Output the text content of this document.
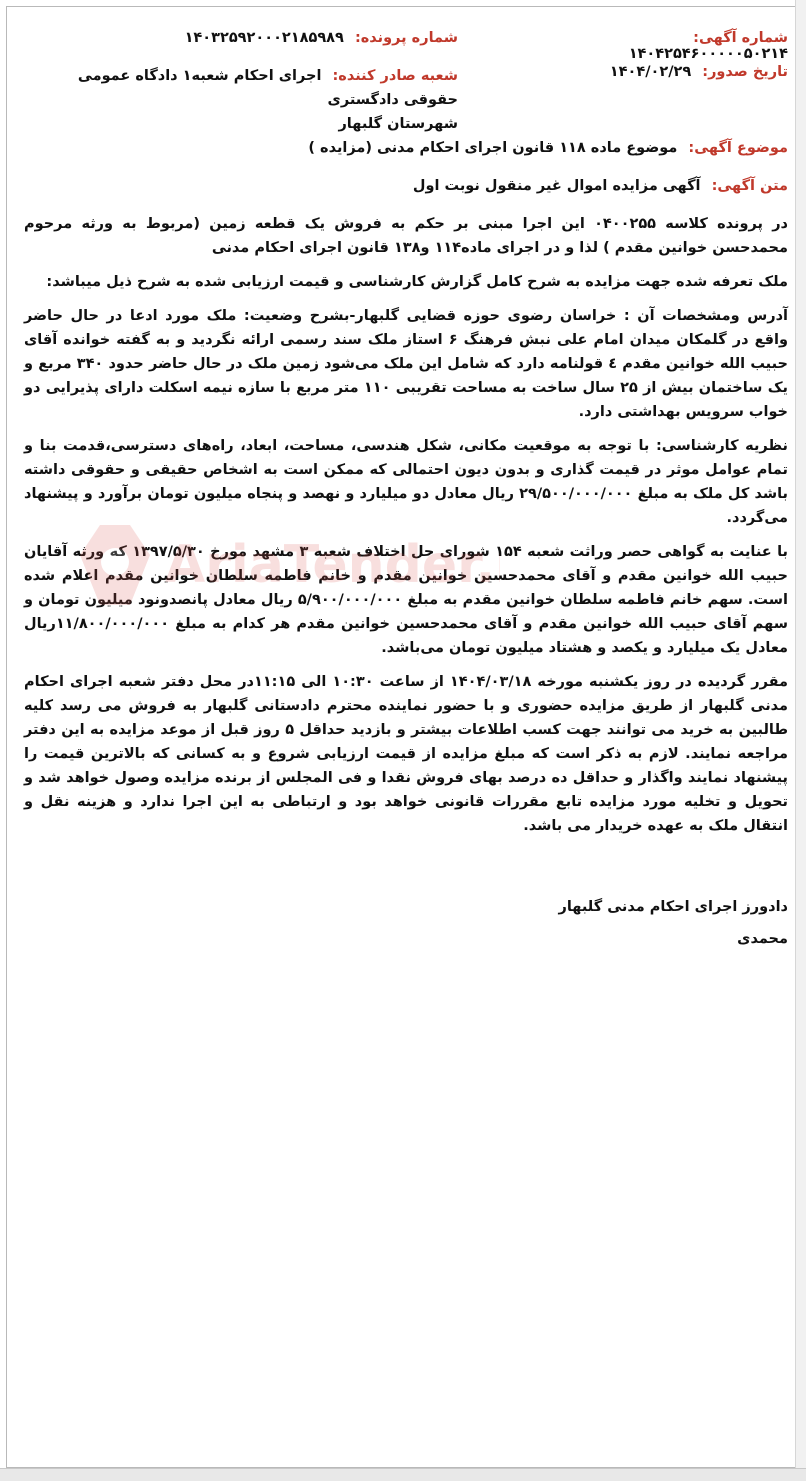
شماره آگهی: ۱۴۰۴۲۵۴۶۰۰۰۰۰۵۰۲۱۴
شماره پرونده: ۱۴۰۳۲۵۹۲۰۰۰۲۱۸۵۹۸۹
تاریخ صدور: ۱۴۰۴/۰۲/۲۹
شعبه صادر کننده: اجرای احکام شعبه۱ دادگاه عمومی حقوقی دادگستری
شهرستان گلبهار
موضوع آگهی: موضوع ماده ۱۱۸ قانون اجرای احکام مدنی (مزایده )
متن آگهی: آگهی مزایده اموال غیر منقول نوبت اول

در پرونده کلاسه ۰۴۰۰۲۵۵ این اجرا مبنی بر حکم به فروش یک قطعه زمین (مربوط به ورثه مرحوم محمدحسن خوانین مقدم ) لذا و در اجرای ماده۱۱۴ و۱۳۸ قانون اجرای احکام مدنی

ملک تعرفه شده جهت مزایده به شرح کامل گزارش کارشناسی و قیمت ارزیابی شده به شرح ذیل میباشد:

آدرس ومشخصات آن : خراسان رضوی حوزه قضایی گلبهار-بشرح وضعیت: ملک مورد ادعا در حال حاضر واقع در گلمکان میدان امام علی نبش فرهنگ ۶ استاز ملک سند رسمی ارائه نگردید و به گفته خوانده آقای حبیب الله خوانین مقدم ٤ قولنامه دارد که شامل این ملک می‌شود زمین ملک در حال حاضر حدود ۳۴۰ مربع و یک ساختمان بیش از ۲۵ سال ساخت به مساحت تقریبی ۱۱۰ متر مربع با سازه نیمه اسکلت دارای پذیرایی دو خواب سرویس بهداشتی دارد.

نظریه کارشناسی: با توجه به موقعیت مکانی، شکل هندسی، مساحت، ابعاد، راه‌های دسترسی،قدمت بنا و تمام عوامل موثر در قیمت گذاری و بدون دیون احتمالی که ممکن است به اشخاص حقیقی و حقوقی داشته باشد کل ملک به مبلغ ۲۹/۵۰۰/۰۰۰/۰۰۰ ریال معادل دو میلیارد و نهصد و پنجاه میلیون تومان برآورد و پیشنهاد می‌گردد.

با عنایت به گواهی حصر وراثت شعبه ۱۵۴ شورای حل اختلاف شعبه ۳ مشهد مورخ ۱۳۹۷/۵/۳۰ که ورثه آقایان حبیب الله خوانین مقدم و آقای محمدحسین خوانین مقدم و خانم فاطمه سلطان خوانین مقدم اعلام شده است. سهم خانم فاطمه سلطان خوانین مقدم به مبلغ ۵/۹۰۰/۰۰۰/۰۰۰ ریال معادل پانصدونود میلیون تومان و سهم آقای حبیب الله خوانین مقدم و آقای محمدحسین خوانین مقدم هر کدام به مبلغ ۱۱/۸۰۰/۰۰۰/۰۰۰ریال معادل یک میلیارد و یکصد و هشتاد میلیون تومان می‌باشد.

مقرر گردیده در روز یکشنبه مورخه ۱۴۰۴/۰۳/۱۸ از ساعت ۱۰:۳۰ الی ۱۱:۱۵در محل دفتر شعبه اجرای احکام مدنی گلبهار از طریق مزایده حضوری و با حضور نماینده محترم دادستانی گلبهار به فروش می رسد کلیه طالبین به خرید می توانند جهت کسب اطلاعات بیشتر و بازدید حداقل ۵ روز قبل از موعد مزایده به این دفتر مراجعه نمایند. لازم به ذکر است که مبلغ مزایده از قیمت ارزیابی شروع و به کسانی که بالاترین قیمت را پیشنهاد نمایند واگذار و حداقل ده درصد بهای فروش نقدا و فی المجلس از برنده مزایده وصول خواهد شد و تحویل و تخلیه مورد مزایده تابع مقررات قانونی خواهد بود و ارتباطی به این اجرا ندارد و هزینه نقل و انتقال ملک به عهده خریدار می باشد.

دادورز اجرای احکام مدنی گلبهار
محمدی
